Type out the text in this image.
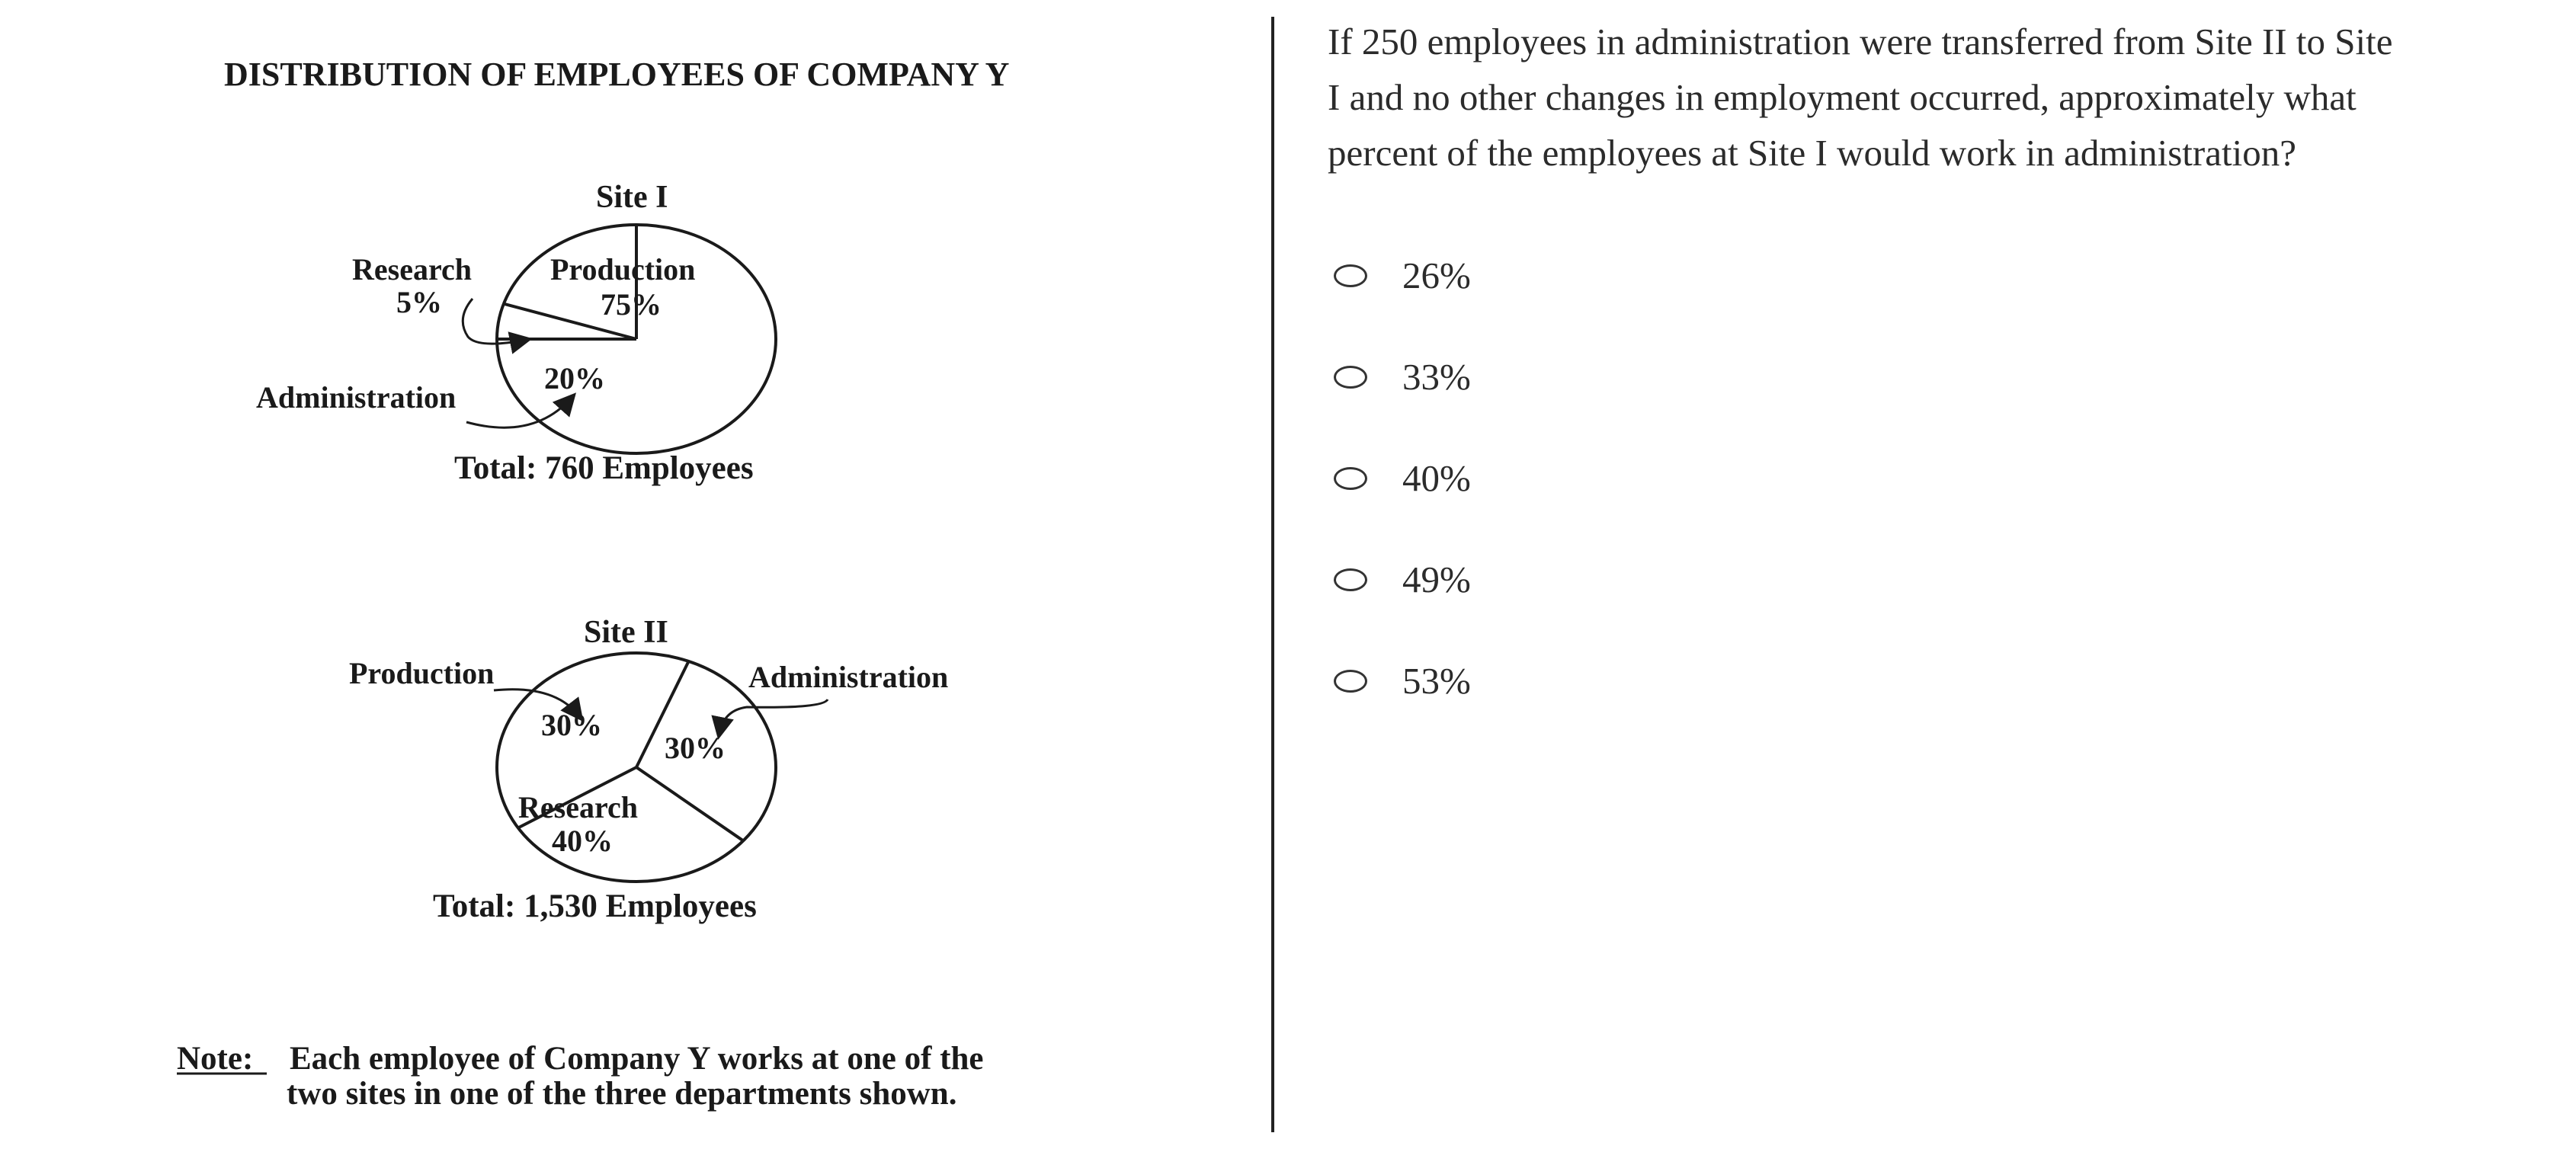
DISTRIBUTION OF EMPLOYEES OF COMPANY Y
Site I
Production
75%
Research
5%
20%
Administration
Total: 760 Employees
Site II
Production
30%
Administration
30%
Research
40%
Total: 1,530 Employees
Note: Each employee of Company Y works at one of the
two sites in one of the three departments shown.

If 250 employees in administration were transferred from Site II to Site I and no other changes in employment occurred, approximately what percent of the employees at Site I would work in administration?

26%
33%
40%
49%
53%
